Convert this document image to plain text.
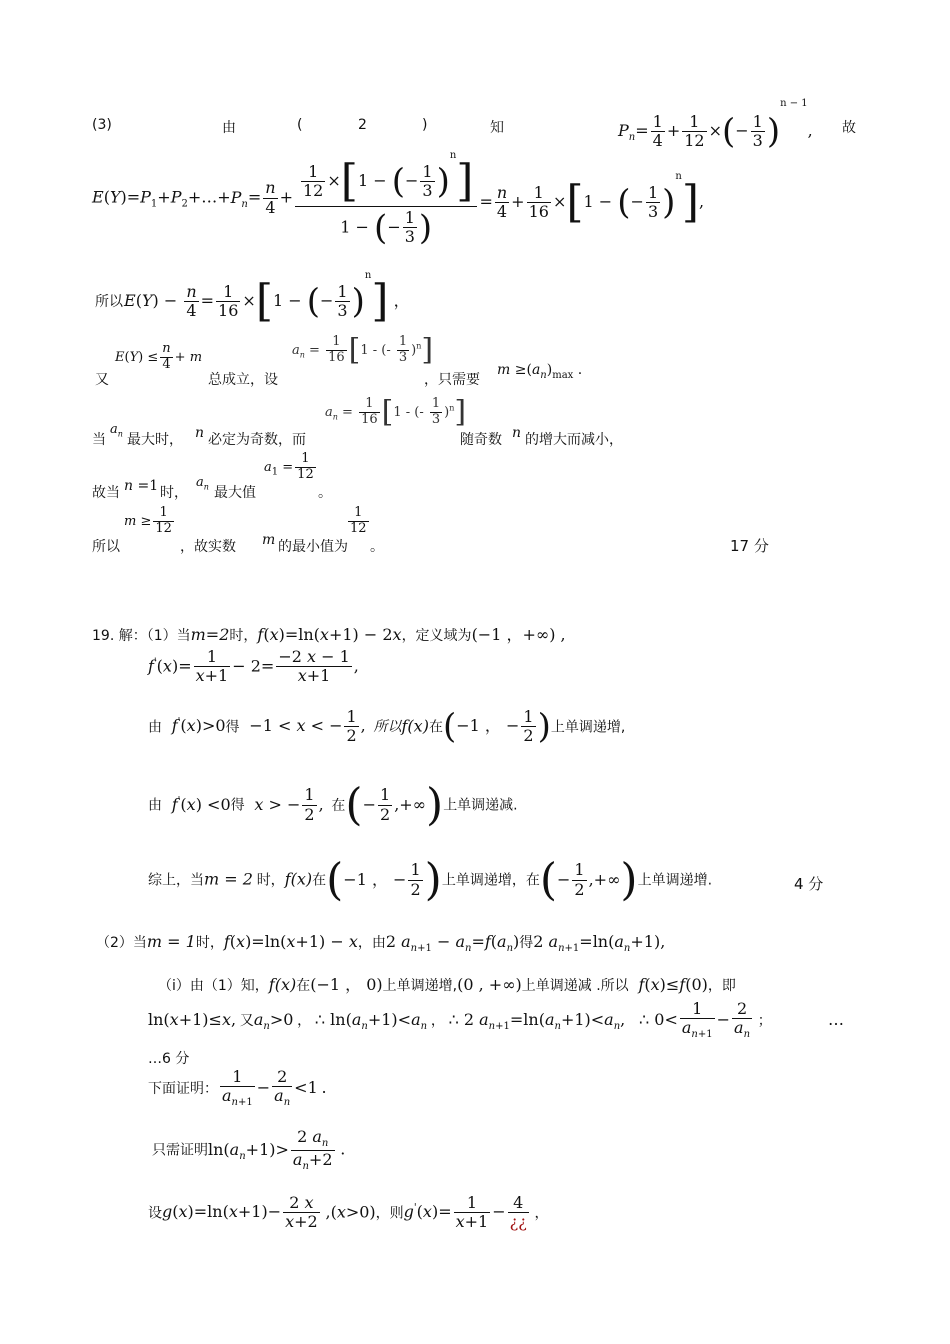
(3)	由	(	2	)	知	$P_n= \frac{1}{4} + \frac{1}{12}$ ×(− $\frac{1}{3} )^{n - 1}$, 故
$E(Y)=P_1+P_2+\dots+P_n= \frac{n}{4} + \frac{\frac{1}{12} \times[1 - (- \frac{1}{3} )^n]}{1 - (- \frac{1}{3} )} = \frac{n}{4} + \frac{1}{16} \times[1$ − (− $\frac{1}{3} )^n$],
所以 $E(Y) - \frac{n}{4} = \frac{1}{16} \times[1$ − (− $\frac{1}{3} )^n$] ，
又
$E(Y) \le \frac{n}{4} + m$
总成立，设
$a_n = \frac{1}{16} [1$ - (- $\frac{1}{3} )^n$]
，只需要
$m \ge(a_n)_{max}$ .
当
$a_n$ 最大时， n 必定为奇数，而
$a_n = \frac{1}{16} [1$ - (- $\frac{1}{3} )^n$]
随奇数 n 的增大而减小，
故当 n =1 时，
$a_n$ 最大值
$a_1 = \frac{1}{12}$
。
所以
$m \ge \frac{1}{12}$
，故实数 m 的最小值为
$\frac{1}{12}$
。	17 分
19. 解：（1）当m=2时，f(x)=ln(x+1) − 2x，定义域为(−1 ，+∞) ,
$f'(x)= \frac{1}{x+1} - 2= \frac{-2 x - 1}{x+1}$ ,
由 f'(x)>0得 −1 < x < − $\frac{1}{2}$ , 所以f(x)在(−1 ， − $\frac{1}{2}$ )上单调递增,
由 f'(x) <0得 x > − $\frac{1}{2}$ , 在(− $\frac{1}{2}$ ,+∞)上单调递减.
综上，当m = 2 时，f(x)在(−1 ， − $\frac{1}{2}$ )上单调递增，在(− $\frac{1}{2}$ ,+∞)上单调递增.	4 分
（2）当m = 1时，f(x)=ln(x+1) − x，由2 $a_{n+1} - a_n=f(a_n)$得2 $a_{n+1}=\ln(a_n+1)$,
（i）由（1）知，f(x)在(−1 ， 0)上单调递增,(0 , +∞)上单调递减 .所以 f(x)≤f(0)，即
ln(x+1)≤x, 又$a_n>0$ ， ∴ $\ln(a_n+1)<a_n$ ， ∴ 2 $a_{n+1}=\ln(a_n+1)<a_n$, ∴ $0< \frac{1}{a_{n+1}} - \frac{2}{a_n}$ ；	…
…6 分
下面证明： $\frac{1}{a_{n+1}} - \frac{2}{a_n} <1$ .
只需证明$\ln(a_n+1)> \frac{2 a_n}{a_n+2}$ .
设$g(x)=\ln(x+1)- \frac{2 x}{x+2} ,(x>0)$，则$g'(x)= \frac{1}{x+1} - \frac{4}{¿¿}$ ，
